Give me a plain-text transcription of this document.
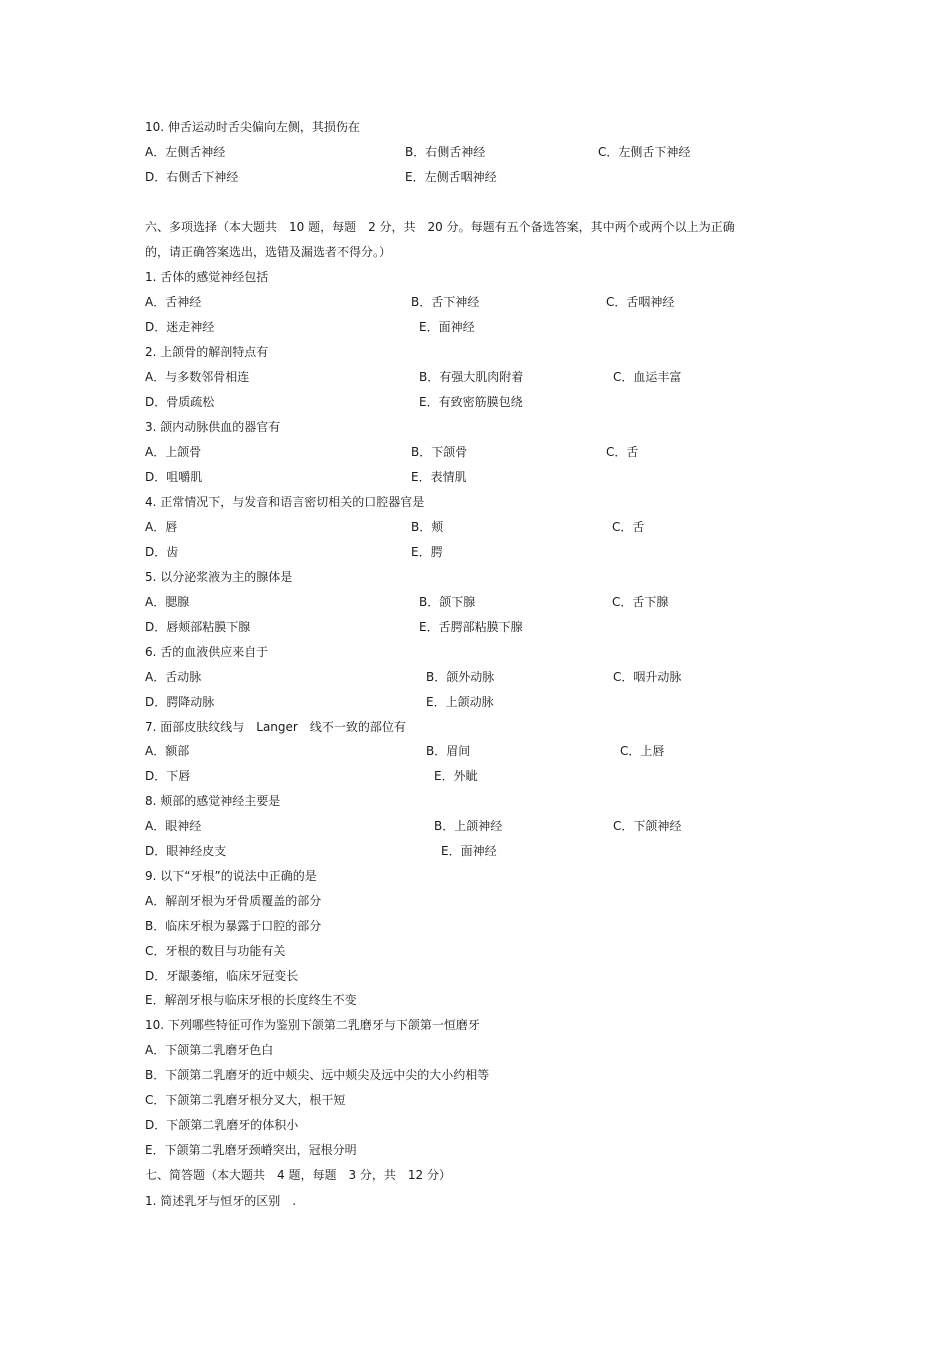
10. 伸舌运动时舌尖偏向左侧，其损伤在
A．左侧舌神经	B．右侧舌神经	C．左侧舌下神经
D．右侧舌下神经	E．左侧舌咽神经
六、多项选择（本大题共　10 题，每题　2 分，共　20 分。每题有五个备选答案，其中两个或两个以上为正确
的，请正确答案选出，选错及漏选者不得分。）
1. 舌体的感觉神经包括
A．舌神经	B．舌下神经	C．舌咽神经
D．迷走神经	E．面神经
2. 上颌骨的解剖特点有
A．与多数邻骨相连	B．有强大肌肉附着	C．血运丰富
D．骨质疏松	E．有致密筋膜包绕
3. 颌内动脉供血的器官有
A．上颌骨	B．下颌骨	C．舌
D．咀嚼肌	E．表情肌
4. 正常情况下，与发音和语言密切相关的口腔器官是
A．唇	B．颊	C．舌
D．齿	E．腭
5. 以分泌浆液为主的腺体是
A．腮腺	B．颌下腺	C．舌下腺
D．唇颊部粘膜下腺	E．舌腭部粘膜下腺
6. 舌的血液供应来自于
A．舌动脉	B．颌外动脉	C．咽升动脉
D．腭降动脉	E．上颌动脉
7. 面部皮肤纹线与　Langer　线不一致的部位有
A．额部	B．眉间	C．上唇
D．下唇	E．外眦
8. 颊部的感觉神经主要是
A．眼神经	B．上颌神经	C．下颌神经
D．眼神经皮支	E．面神经
9. 以下“牙根”的说法中正确的是
A．解剖牙根为牙骨质覆盖的部分
B．临床牙根为暴露于口腔的部分
C．牙根的数目与功能有关
D．牙龈萎缩，临床牙冠变长
E．解剖牙根与临床牙根的长度终生不变
10. 下列哪些特征可作为鉴别下颌第二乳磨牙与下颌第一恒磨牙
A．下颌第二乳磨牙色白
B．下颌第二乳磨牙的近中颊尖、远中颊尖及远中尖的大小约相等
C．下颌第二乳磨牙根分叉大，根干短
D．下颌第二乳磨牙的体积小
E．下颌第二乳磨牙颈嵴突出，冠根分明
七、简答题（本大题共　4 题，每题　3 分，共　12 分）
1. 简述乳牙与恒牙的区别　.
